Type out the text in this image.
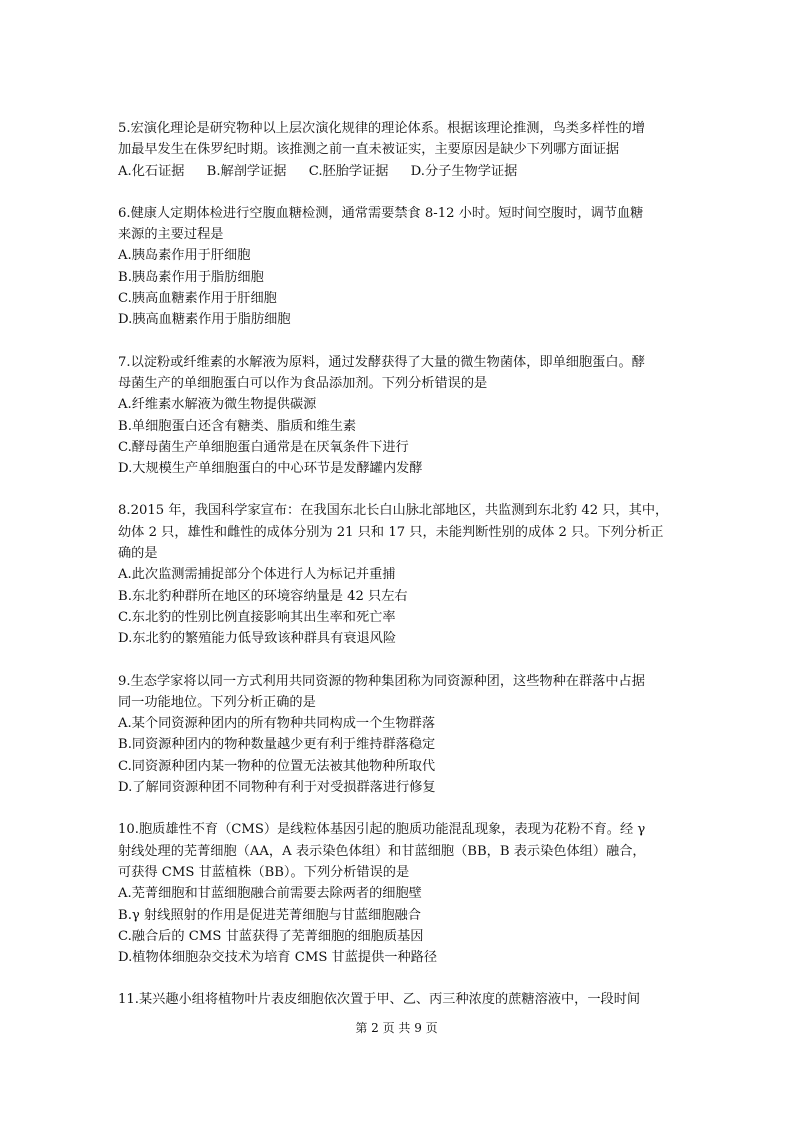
5.宏演化理论是研究物种以上层次演化规律的理论体系。根据该理论推测，鸟类多样性的增
加最早发生在侏罗纪时期。该推测之前一直未被证实，主要原因是缺少下列哪方面证据
A.化石证据 B.解剖学证据 C.胚胎学证据 D.分子生物学证据
6.健康人定期体检进行空腹血糖检测，通常需要禁食 8-12 小时。短时间空腹时，调节血糖
来源的主要过程是
A.胰岛素作用于肝细胞
B.胰岛素作用于脂肪细胞
C.胰高血糖素作用于肝细胞
D.胰高血糖素作用于脂肪细胞
7.以淀粉或纤维素的水解液为原料，通过发酵获得了大量的微生物菌体，即单细胞蛋白。酵
母菌生产的单细胞蛋白可以作为食品添加剂。下列分析错误的是
A.纤维素水解液为微生物提供碳源
B.单细胞蛋白还含有糖类、脂质和维生素
C.酵母菌生产单细胞蛋白通常是在厌氧条件下进行
D.大规模生产单细胞蛋白的中心环节是发酵罐内发酵
8.2015 年，我国科学家宣布：在我国东北长白山脉北部地区，共监测到东北豹 42 只，其中，
幼体 2 只，雄性和雌性的成体分别为 21 只和 17 只，未能判断性别的成体 2 只。下列分析正
确的是
A.此次监测需捕捉部分个体进行人为标记并重捕
B.东北豹种群所在地区的环境容纳量是 42 只左右
C.东北豹的性别比例直接影响其出生率和死亡率
D.东北豹的繁殖能力低导致该种群具有衰退风险
9.生态学家将以同一方式利用共同资源的物种集团称为同资源种团，这些物种在群落中占据
同一功能地位。下列分析正确的是
A.某个同资源种团内的所有物种共同构成一个生物群落
B.同资源种团内的物种数量越少更有利于维持群落稳定
C.同资源种团内某一物种的位置无法被其他物种所取代
D.了解同资源种团不同物种有利于对受损群落进行修复
10.胞质雄性不育（CMS）是线粒体基因引起的胞质功能混乱现象，表现为花粉不育。经 γ
射线处理的芜菁细胞（AA，A 表示染色体组）和甘蓝细胞（BB，B 表示染色体组）融合，
可获得 CMS 甘蓝植株（BB）。下列分析错误的是
A.芜菁细胞和甘蓝细胞融合前需要去除两者的细胞壁
B.γ 射线照射的作用是促进芜菁细胞与甘蓝细胞融合
C.融合后的 CMS 甘蓝获得了芜菁细胞的细胞质基因
D.植物体细胞杂交技术为培育 CMS 甘蓝提供一种路径
11.某兴趣小组将植物叶片表皮细胞依次置于甲、乙、丙三种浓度的蔗糖溶液中，一段时间
第 2 页 共 9 页
